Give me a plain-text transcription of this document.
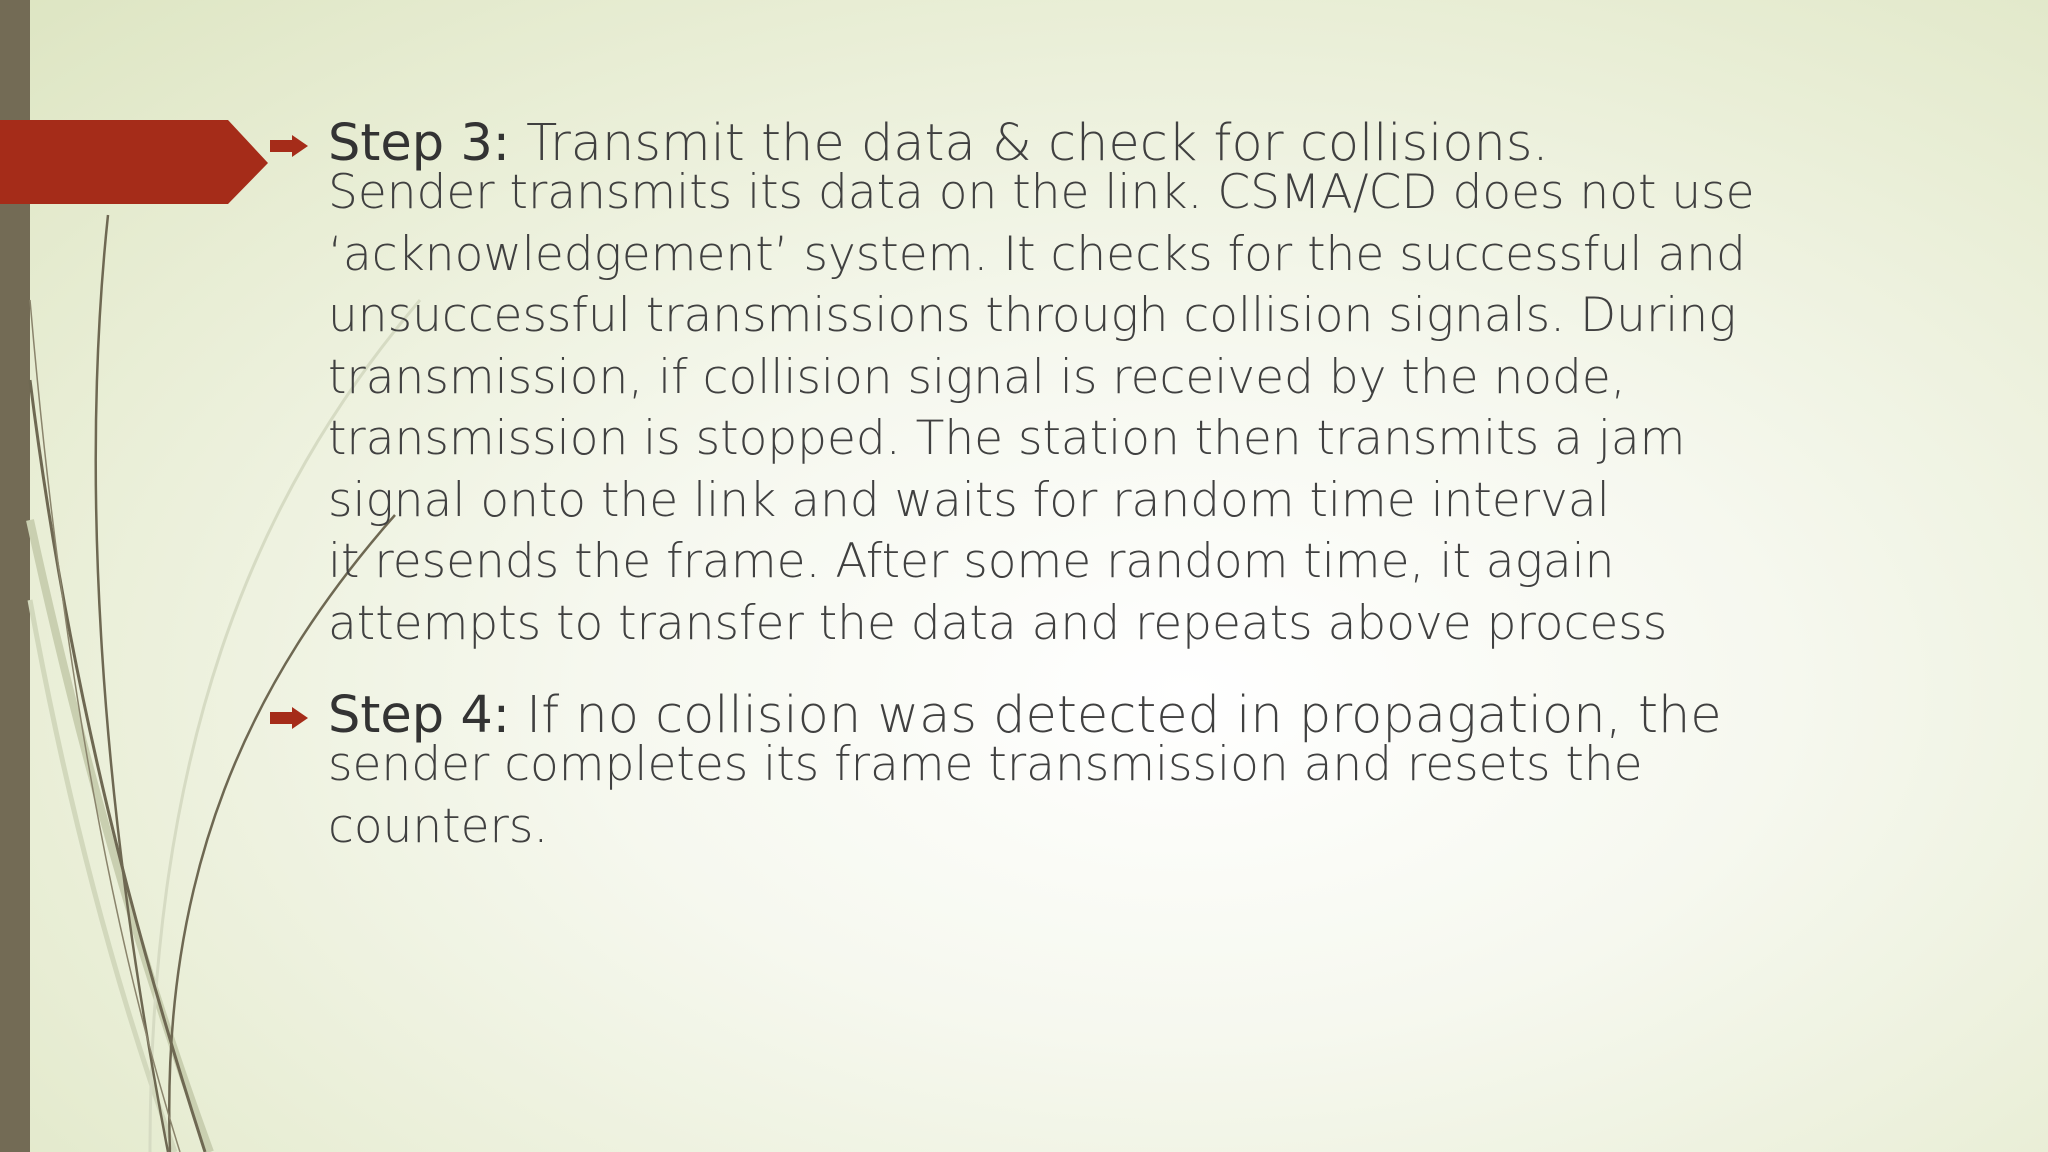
Step 3: Transmit the data & check for collisions.
Sender transmits its data on the link. CSMA/CD does not use
‘acknowledgement’ system. It checks for the successful and
unsuccessful transmissions through collision signals. During
transmission, if collision signal is received by the node,
transmission is stopped. The station then transmits a jam
signal onto the link and waits for random time interval
it resends the frame. After some random time, it again
attempts to transfer the data and repeats above process
Step 4: If no collision was detected in propagation, the
sender completes its frame transmission and resets the
counters.
